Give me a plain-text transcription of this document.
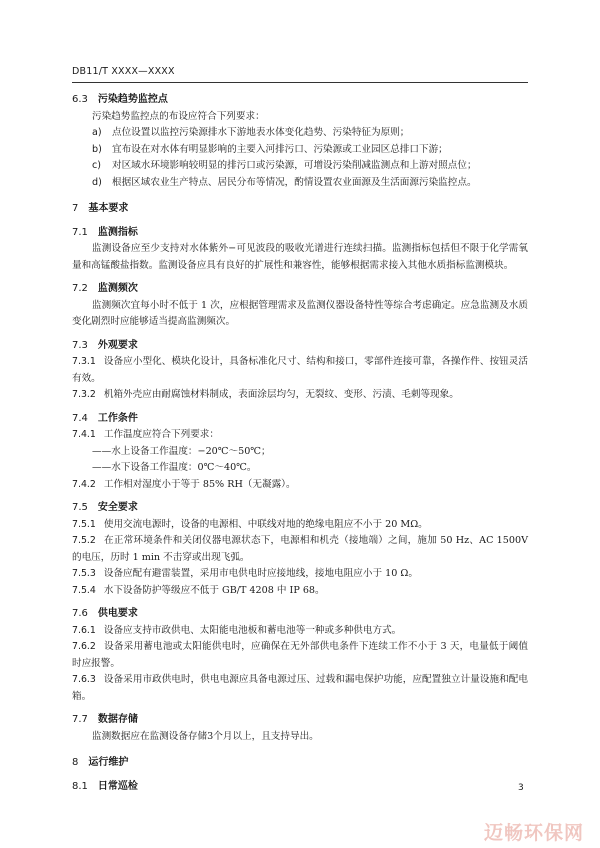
DB11/T XXXX—XXXX
6.3 污染趋势监控点
污染趋势监控点的布设应符合下列要求：
a) 点位设置以监控污染源排水下游地表水体变化趋势、污染特征为原则；
b) 宜布设在对水体有明显影响的主要入河排污口、污染源或工业园区总排口下游；
c) 对区域水环境影响较明显的排污口或污染源，可增设污染削减监测点和上游对照点位；
d) 根据区域农业生产特点、居民分布等情况，酌情设置农业面源及生活面源污染监控点。
7 基本要求
7.1 监测指标
监测设备应至少支持对水体紫外−可见波段的吸收光谱进行连续扫描。监测指标包括但不限于化学需氧量和高锰酸盐指数。监测设备应具有良好的扩展性和兼容性，能够根据需求接入其他水质指标监测模块。
7.2 监测频次
监测频次宜每小时不低于 1 次，应根据管理需求及监测仪器设备特性等综合考虑确定。应急监测及水质变化剧烈时应能够适当提高监测频次。
7.3 外观要求
7.3.1 设备应小型化、模块化设计，具备标准化尺寸、结构和接口，零部件连接可靠，各操作件、按钮灵活有效。
7.3.2 机箱外壳应由耐腐蚀材料制成，表面涂层均匀，无裂纹、变形、污渍、毛刺等现象。
7.4 工作条件
7.4.1 工作温度应符合下列要求：
——水上设备工作温度：−20℃～50℃；
——水下设备工作温度：0℃～40℃。
7.4.2 工作相对湿度小于等于 85% RH（无凝露）。
7.5 安全要求
7.5.1 使用交流电源时，设备的电源相、中联线对地的绝缘电阻应不小于 20 MΩ。
7.5.2 在正常环境条件和关闭仪器电源状态下，电源相和机壳（接地端）之间，施加 50 Hz、AC 1500V 的电压，历时 1 min 不击穿或出现飞弧。
7.5.3 设备应配有避雷装置，采用市电供电时应接地线，接地电阻应小于 10 Ω。
7.5.4 水下设备防护等级应不低于 GB/T 4208 中 IP 68。
7.6 供电要求
7.6.1 设备应支持市政供电、太阳能电池板和蓄电池等一种或多种供电方式。
7.6.2 设备采用蓄电池或太阳能供电时，应确保在无外部供电条件下连续工作不小于 3 天，电量低于阈值时应报警。
7.6.3 设备采用市政供电时，供电电源应具备电源过压、过载和漏电保护功能，应配置独立计量设施和配电箱。
7.7 数据存储
监测数据应在监测设备存储3个月以上，且支持导出。
8 运行维护
8.1 日常巡检	3
迈畅环保网
